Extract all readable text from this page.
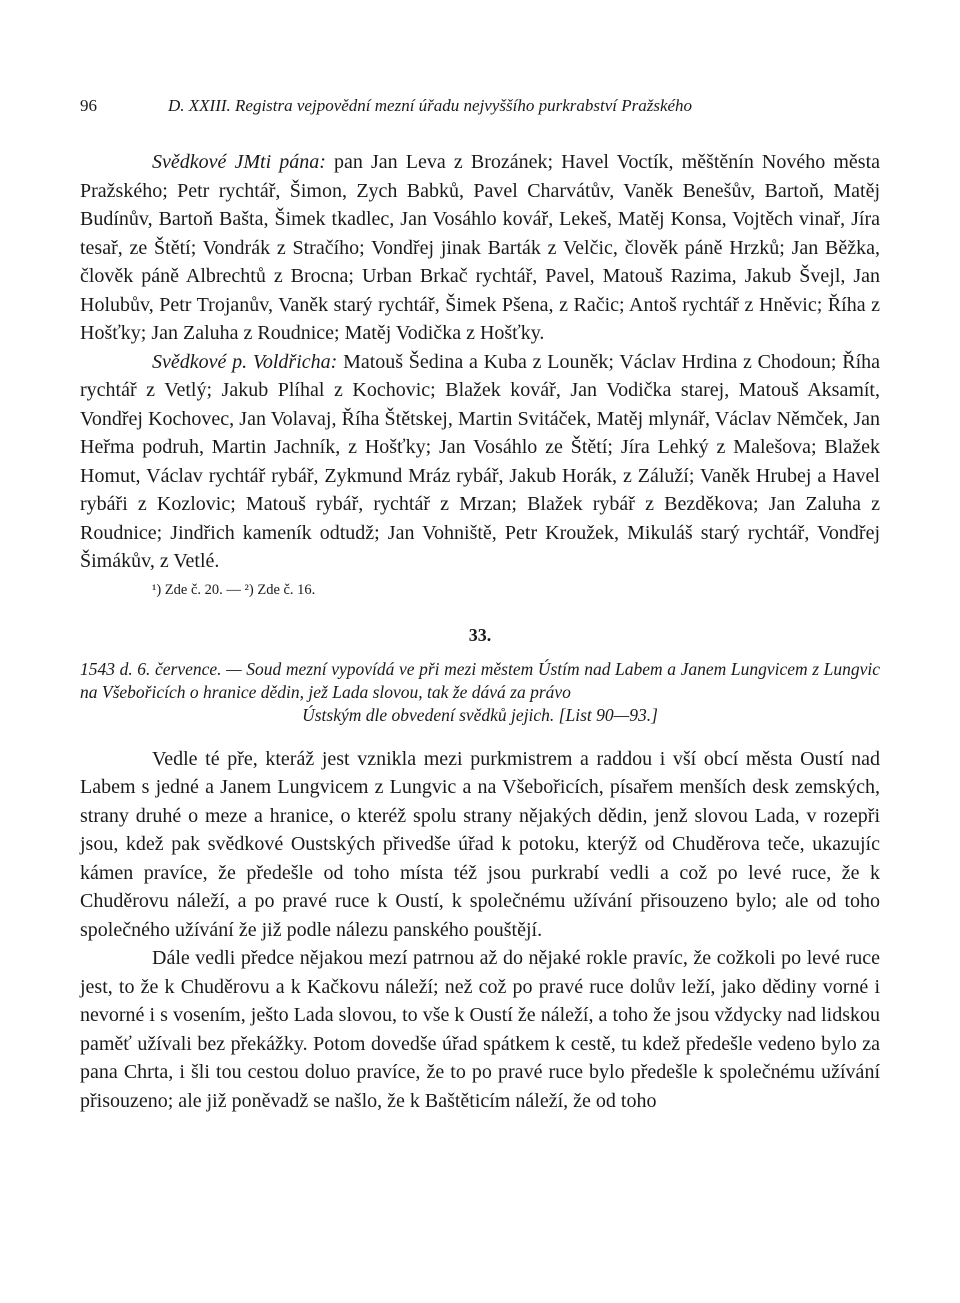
96	D. XXIII. Registra vejpovědní mezní úřadu nejvyššího purkrabství Pražského

Svědkové JMti pána: pan Jan Leva z Brozánek; Havel Voctík, měštěnín Nového města Pražského; Petr rychtář, Šimon, Zych Babků, Pavel Charvátův, Vaněk Benešův, Bartoň, Matěj Budínův, Bartoň Bašta, Šimek tkadlec, Jan Vosáhlo kovář, Lekeš, Matěj Konsa, Vojtěch vinař, Jíra tesař, ze Štětí; Vondrák z Stračího; Vondřej jinak Barták z Velčic, člověk páně Hrzků; Jan Běžka, člověk páně Albrechtů z Brocna; Urban Brkač rychtář, Pavel, Matouš Razima, Jakub Švejl, Jan Holubův, Petr Trojanův, Vaněk starý rychtář, Šimek Pšena, z Račic; Antoš rychtář z Hněvic; Říha z Hošťky; Jan Zaluha z Roudnice; Matěj Vodička z Hošťky.

Svědkové p. Voldřicha: Matouš Šedina a Kuba z Louněk; Václav Hrdina z Chodoun; Říha rychtář z Vetlý; Jakub Plíhal z Kochovic; Blažek kovář, Jan Vodička starej, Matouš Aksamít, Vondřej Kochovec, Jan Volavaj, Říha Štětskej, Martin Svitáček, Matěj mlynář, Václav Němček, Jan Heřma podruh, Martin Jachník, z Hošťky; Jan Vosáhlo ze Štětí; Jíra Lehký z Malešova; Blažek Homut, Václav rychtář rybář, Zykmund Mráz rybář, Jakub Horák, z Záluží; Vaněk Hrubej a Havel rybáři z Kozlovic; Matouš rybář, rychtář z Mrzan; Blažek rybář z Bezděkova; Jan Zaluha z Roudnice; Jindřich kameník odtudž; Jan Vohniště, Petr Kroužek, Mikuláš starý rychtář, Vondřej Šimákův, z Vetlé.

¹) Zde č. 20. — ²) Zde č. 16.
33.

1543 d. 6. července. — Soud mezní vypovídá ve při mezi městem Ústím nad Labem a Janem Lungvicem z Lungvic na Všebořicích o hranice dědin, jež Lada slovou, tak že dává za právo
Ústským dle obvedení svědků jejich. [List 90—93.]

Vedle té pře, kteráž jest vznikla mezi purkmistrem a raddou i vší obcí města Oustí nad Labem s jedné a Janem Lungvicem z Lungvic a na Všebořicích, písařem menších desk zemských, strany druhé o meze a hranice, o kteréž spolu strany nějakých dědin, jenž slovou Lada, v rozepři jsou, kdež pak svědkové Oustských přivedše úřad k potoku, kterýž od Chuděrova teče, ukazujíc kámen pravíce, že předešle od toho místa též jsou purkrabí vedli a což po levé ruce, že k Chuděrovu náleží, a po pravé ruce k Oustí, k společnému užívání přisouzeno bylo; ale od toho společného užívání že již podle nálezu panského pouštějí.

Dále vedli předce nějakou mezí patrnou až do nějaké rokle pravíc, že cožkoli po levé ruce jest, to že k Chuděrovu a k Kačkovu náleží; než což po pravé ruce dolův leží, jako dědiny vorné i nevorné i s vosením, ješto Lada slovou, to vše k Oustí že náleží, a toho že jsou vždycky nad lidskou paměť užívali bez překážky. Potom dovedše úřad spátkem k cestě, tu kdež předešle vedeno bylo za pana Chrta, i šli tou cestou doluo pravíce, že to po pravé ruce bylo předešle k společnému užívání přisouzeno; ale již poněvadž se našlo, že k Baštěticím náleží, že od toho
